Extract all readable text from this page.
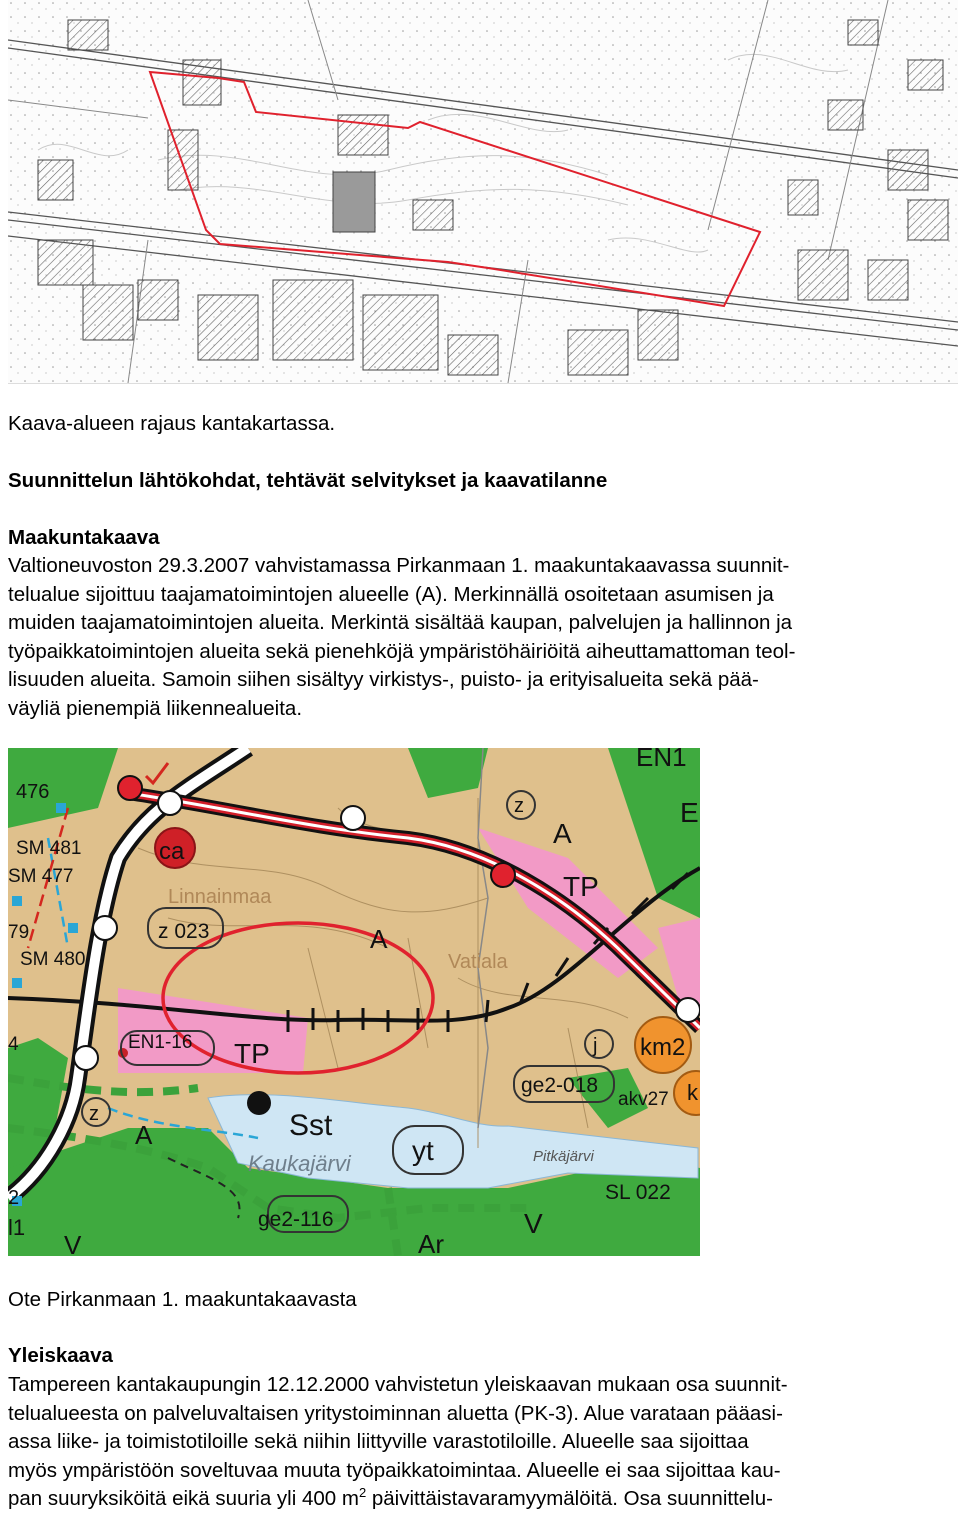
Kaava-alueen rajaus kantakartassa.
Suunnittelun lähtökohdat, tehtävät selvitykset ja kaavatilanne
Maakuntakaava
Valtioneuvoston 29.3.2007 vahvistamassa Pirkanmaan 1. maakuntakaavassa suunnit-
telualue sijoittuu taajamatoimintojen alueelle (A). Merkinnällä osoitetaan asumisen ja
muiden taajamatoimintojen alueita. Merkintä sisältää kaupan, palvelujen ja hallinnon ja
työpaikkatoimintojen alueita sekä pienehköjä ympäristöhäiriöitä aiheuttamattoman teol-
lisuuden alueita. Samoin siihen sisältyy virkistys-, puisto- ja erityisalueita sekä pää-
väyliä pienempiä liikennealueita.
476
SM 481
SM 477
79
SM 480
4
ca
z 023
Linnainmaa
A
Vatiala
z
A
TP
EN1
E
EN1-16 TP	j km2
k
ge2-018
akv27
z
A	Sst
Kaukajärvi yt	Pitkäjärvi
SL 022
2
l1
V
ge2-116
Ar
V
Ote Pirkanmaan 1. maakuntakaavasta
Yleiskaava
Tampereen kantakaupungin 12.12.2000 vahvistetun yleiskaavan mukaan osa suunnit-
telualueesta on palveluvaltaisen yritystoiminnan aluetta (PK-3). Alue varataan pääasi-
assa liike- ja toimistotiloille sekä niihin liittyville varastotiloille. Alueelle saa sijoittaa
myös ympäristöön soveltuvaa muuta työpaikkatoimintaa. Alueelle ei saa sijoittaa kau-
pan suuryksiköitä eikä suuria yli 400 $m^2$ päivittäistavaramyymälöitä. Osa suunnittelu-
